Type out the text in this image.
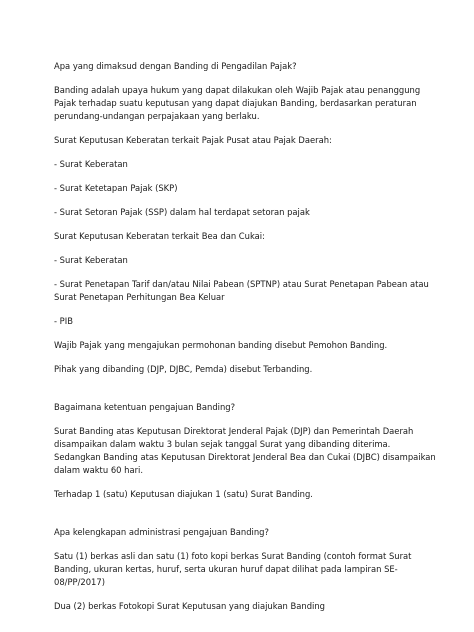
Apa yang dimaksud dengan Banding di Pengadilan Pajak?

Banding adalah upaya hukum yang dapat dilakukan oleh Wajib Pajak atau penanggung Pajak terhadap suatu keputusan yang dapat diajukan Banding, berdasarkan peraturan perundang-undangan perpajakaan yang berlaku.

Surat Keputusan Keberatan terkait Pajak Pusat atau Pajak Daerah:

- Surat Keberatan

- Surat Ketetapan Pajak (SKP)

- Surat Setoran Pajak (SSP) dalam hal terdapat setoran pajak

Surat Keputusan Keberatan terkait Bea dan Cukai:

- Surat Keberatan

- Surat Penetapan Tarif dan/atau Nilai Pabean (SPTNP) atau Surat Penetapan Pabean atau Surat Penetapan Perhitungan Bea Keluar

- PIB

Wajib Pajak yang mengajukan permohonan banding disebut Pemohon Banding.

Pihak yang dibanding (DJP, DJBC, Pemda) disebut Terbanding.

Bagaimana ketentuan pengajuan Banding?

Surat Banding atas Keputusan Direktorat Jenderal Pajak (DJP) dan Pemerintah Daerah disampaikan dalam waktu 3 bulan sejak tanggal Surat yang dibanding diterima. Sedangkan Banding atas Keputusan Direktorat Jenderal Bea dan Cukai (DJBC) disampaikan dalam waktu 60 hari.

Terhadap 1 (satu) Keputusan diajukan 1 (satu) Surat Banding.

Apa kelengkapan administrasi pengajuan Banding?

Satu (1) berkas asli dan satu (1) foto kopi berkas Surat Banding (contoh format Surat Banding, ukuran kertas, huruf, serta ukuran huruf dapat dilihat pada lampiran SE-08/PP/2017)

Dua (2) berkas Fotokopi Surat Keputusan yang diajukan Banding
